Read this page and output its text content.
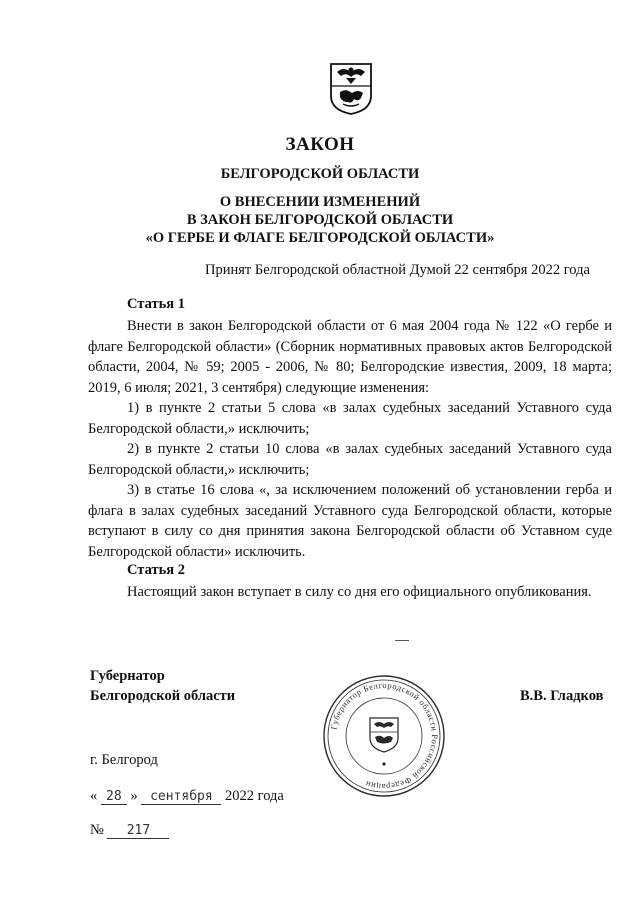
ЗАКОН
БЕЛГОРОДСКОЙ ОБЛАСТИ
О ВНЕСЕНИИ ИЗМЕНЕНИЙ
В ЗАКОН БЕЛГОРОДСКОЙ ОБЛАСТИ
«О ГЕРБЕ И ФЛАГЕ БЕЛГОРОДСКОЙ ОБЛАСТИ»
Принят Белгородской областной Думой 22 сентября 2022 года
Статья 1
Внести в закон Белгородской области от 6 мая 2004 года № 122 «О гербе и флаге Белгородской области» (Сборник нормативных правовых актов Белгородской области, 2004, № 59; 2005 - 2006, № 80; Белгородские известия, 2009, 18 марта; 2019, 6 июля; 2021, 3 сентября) следующие изменения:
1) в пункте 2 статьи 5 слова «в залах судебных заседаний Уставного суда Белгородской области,» исключить;
2) в пункте 2 статьи 10 слова «в залах судебных заседаний Уставного суда Белгородской области,» исключить;
3) в статье 16 слова «, за исключением положений об установлении герба и флага в залах судебных заседаний Уставного суда Белгородской области, которые вступают в силу со дня принятия закона Белгородской области об Уставном суде Белгородской области» исключить.
Статья 2
Настоящий закон вступает в силу со дня его официального опубликования.
Губернатор
Белгородской области	В.В. Гладков
Губернатор Белгородской области Российской Федерации
г. Белгород
« 28 » сентября 2022 года
№ 217
